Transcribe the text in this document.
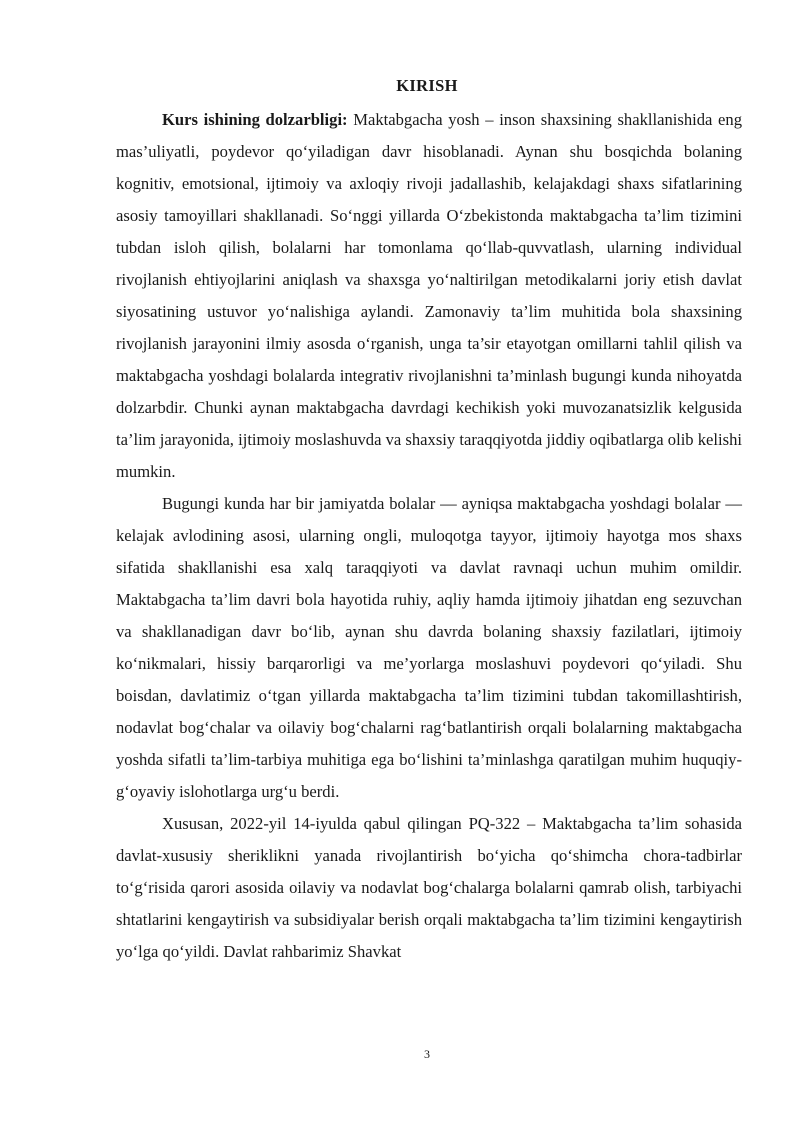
KIRISH

Kurs ishining dolzarbligi: Maktabgacha yosh – inson shaxsining shakllanishida eng mas’uliyatli, poydevor qo‘yiladigan davr hisoblanadi. Aynan shu bosqichda bolaning kognitiv, emotsional, ijtimoiy va axloqiy rivoji jadallashib, kelajakdagi shaxs sifatlarining asosiy tamoyillari shakllanadi. So‘nggi yillarda O‘zbekistonda maktabgacha ta’lim tizimini tubdan isloh qilish, bolalarni har tomonlama qo‘llab-quvvatlash, ularning individual rivojlanish ehtiyojlarini aniqlash va shaxsga yo‘naltirilgan metodikalarni joriy etish davlat siyosatining ustuvor yo‘nalishiga aylandi. Zamonaviy ta’lim muhitida bola shaxsining rivojlanish jarayonini ilmiy asosda o‘rganish, unga ta’sir etayotgan omillarni tahlil qilish va maktabgacha yoshdagi bolalarda integrativ rivojlanishni ta’minlash bugungi kunda nihoyatda dolzarbdir. Chunki aynan maktabgacha davrdagi kechikish yoki muvozanatsizlik kelgusida ta’lim jarayonida, ijtimoiy moslashuvda va shaxsiy taraqqiyotda jiddiy oqibatlarga olib kelishi mumkin.

Bugungi kunda har bir jamiyatda bolalar — ayniqsa maktabgacha yoshdagi bolalar — kelajak avlodining asosi, ularning ongli, muloqotga tayyor, ijtimoiy hayotga mos shaxs sifatida shakllanishi esa xalq taraqqiyoti va davlat ravnaqi uchun muhim omildir. Maktabgacha ta’lim davri bola hayotida ruhiy, aqliy hamda ijtimoiy jihatdan eng sezuvchan va shakllanadigan davr bo‘lib, aynan shu davrda bolaning shaxsiy fazilatlari, ijtimoiy ko‘nikmalari, hissiy barqarorligi va me’yorlarga moslashuvi poydevori qo‘yiladi. Shu boisdan, davlatimiz o‘tgan yillarda maktabgacha ta’lim tizimini tubdan takomillashtirish, nodavlat bog‘chalar va oilaviy bog‘chalarni rag‘batlantirish orqali bolalarning maktabgacha yoshda sifatli ta’lim-tarbiya muhitiga ega bo‘lishini ta’minlashga qaratilgan muhim huquqiy-g‘oyaviy islohotlarga urg‘u berdi.

Xususan, 2022-yil 14-iyulda qabul qilingan PQ-322 – Maktabgacha ta’lim sohasida davlat-xususiy sheriklikni yanada rivojlantirish bo‘yicha qo‘shimcha chora-tadbirlar to‘g‘risida qarori asosida oilaviy va nodavlat bog‘chalarga bolalarni qamrab olish, tarbiyachi shtatlarini kengaytirish va subsidiyalar berish orqali maktabgacha ta’lim tizimini kengaytirish yo‘lga qo‘yildi. Davlat rahbarimiz Shavkat

3
